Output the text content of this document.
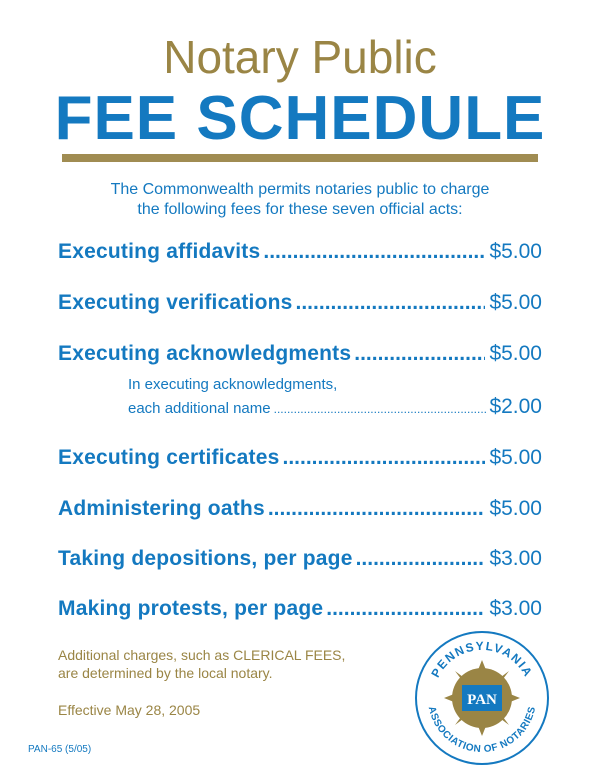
Notary Public
FEE SCHEDULE
The Commonwealth permits notaries public to charge
the following fees for these seven official acts:
Executing affidavits .....	$5.00
Executing verifications .....	$5.00
Executing acknowledgments .....	$5.00
In executing acknowledgments,
each additional name .....	$2.00
Executing certificates .....	$5.00
Administering oaths .....	$5.00
Taking depositions, per page .....	$3.00
Making protests, per page .....	$3.00
Additional charges, such as CLERICAL FEES,
are determined by the local notary.
Effective May 28, 2005
PAN-65 (5/05)
PENNSYLVANIA
ASSOCIATION OF NOTARIES
PAN
